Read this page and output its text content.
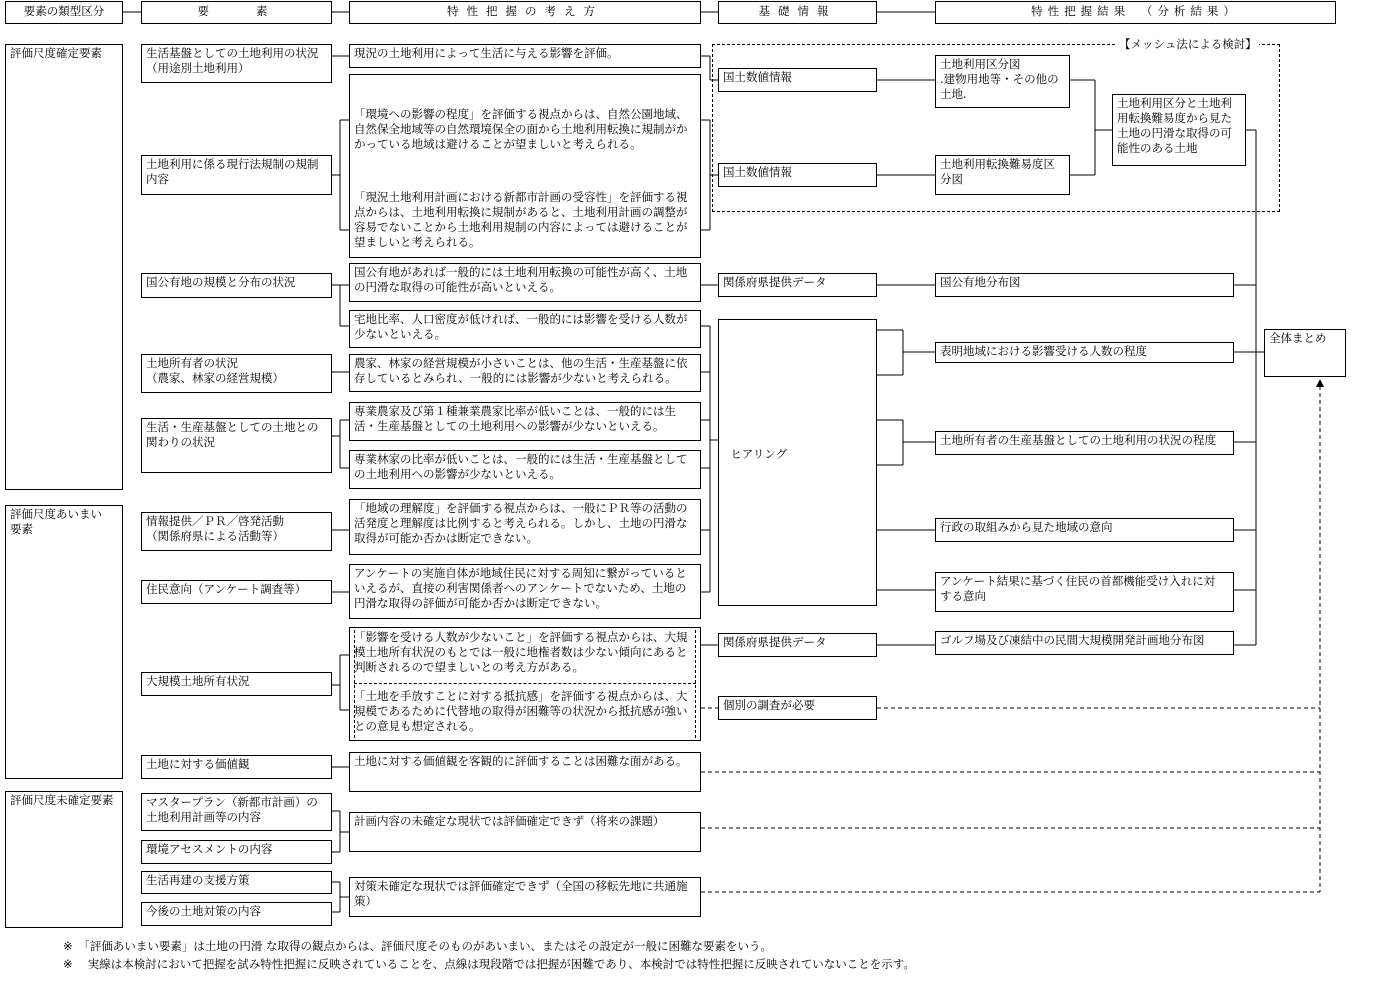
要素の類型区分	要　　素	特性把握の考え方	基礎情報	特性把握結果　（分析結果）
評価尺度確定要素
評価尺度あいまい
要素
評価尺度未確定要素
生活基盤としての土地利用の状況
（用途別土地利用）
土地利用に係る現行法規制の規制
内容
国公有地の規模と分布の状況
土地所有者の状況
（農家、林家の経営規模）
生活・生産基盤としての土地との
関わりの状況
情報提供／ＰＲ／啓発活動
（関係府県による活動等）
住民意向（アンケート調査等）
大規模土地所有状況
土地に対する価値観
マスタープラン（新都市計画）の
土地利用計画等の内容
環境アセスメントの内容
生活再建の支援方策
今後の土地対策の内容
現況の土地利用によって生活に与える影響を評価。

「環境への影響の程度」を評価する視点からは、自然公園地域、自然保全地域等の自然環境保全の面から土地利用転換に規制がかかっている地域は避けることが望ましいと考えられる。

「現況土地利用計画における新都市計画の受容性」を評価する視点からは、土地利用転換に規制があると、土地利用計画の調整が容易でないことから土地利用規制の内容によっては避けることが望ましいと考えられる。

国公有地があれば一般的には土地利用転換の可能性が高く、土地の円滑な取得の可能性が高いといえる。
宅地比率、人口密度が低ければ、一般的には影響を受ける人数が少ないといえる。
農家、林家の経営規模が小さいことは、他の生活・生産基盤に依存しているとみられ、一般的には影響が少ないと考えられる。
専業農家及び第１種兼業農家比率が低いことは、一般的には生活・生産基盤としての土地利用への影響が少ないといえる。
専業林家の比率が低いことは、一般的には生活・生産基盤としての土地利用への影響が少ないといえる。
「地域の理解度」を評価する視点からは、一般にＰＲ等の活動の活発度と理解度は比例すると考えられる。しかし、土地の円滑な取得が可能か否かは断定できない。
アンケートの実施自体が地域住民に対する周知に繋がっているといえるが、直接の利害関係者へのアンケートでないため、土地の円滑な取得の評価が可能か否かは断定できない。

「影響を受ける人数が少ないこと」を評価する視点からは、大規模土地所有状況のもとでは一般に地権者数は少ない傾向にあると判断されるので望ましいとの考え方がある。

「土地を手放すことに対する抵抗感」を評価する視点からは、大規模であるために代替地の取得が困難等の状況から抵抗感が強いとの意見も想定される。

土地に対する価値観を客観的に評価することは困難な面がある。
計画内容の未確定な現状では評価確定できず（将来の課題）
対策未確定な現状では評価確定できず（全国の移転先地に共通施策）
【メッシュ法による検討】
国土数値情報
国土数値情報
関係府県提供データ

ヒアリング

関係府県提供データ
個別の調査が必要
土地利用区分図
.建物用地等・その他の
土地.
土地利用転換難易度区
分図
土地利用区分と土地利
用転換難易度から見た
土地の円滑な取得の可
能性のある土地
国公有地分布図
表明地域における影響受ける人数の程度
土地所有者の生産基盤としての土地利用の状況の程度
行政の取組みから見た地域の意向
アンケート結果に基づく住民の首都機能受け入れに対
する意向
ゴルフ場及び凍結中の民間大規模開発計画地分布図
全体まとめ
※　「評価あいまい要素」は土地の円滑 な取得の観点からは、評価尺度そのものがあいまい、またはその設定が一般に困難な要素をいう。
※　 実線は本検討において把握を試み特性把握に反映されていることを、点線は現段階では把握が困難であり、本検討では特性把握に反映されていないことを示す。
